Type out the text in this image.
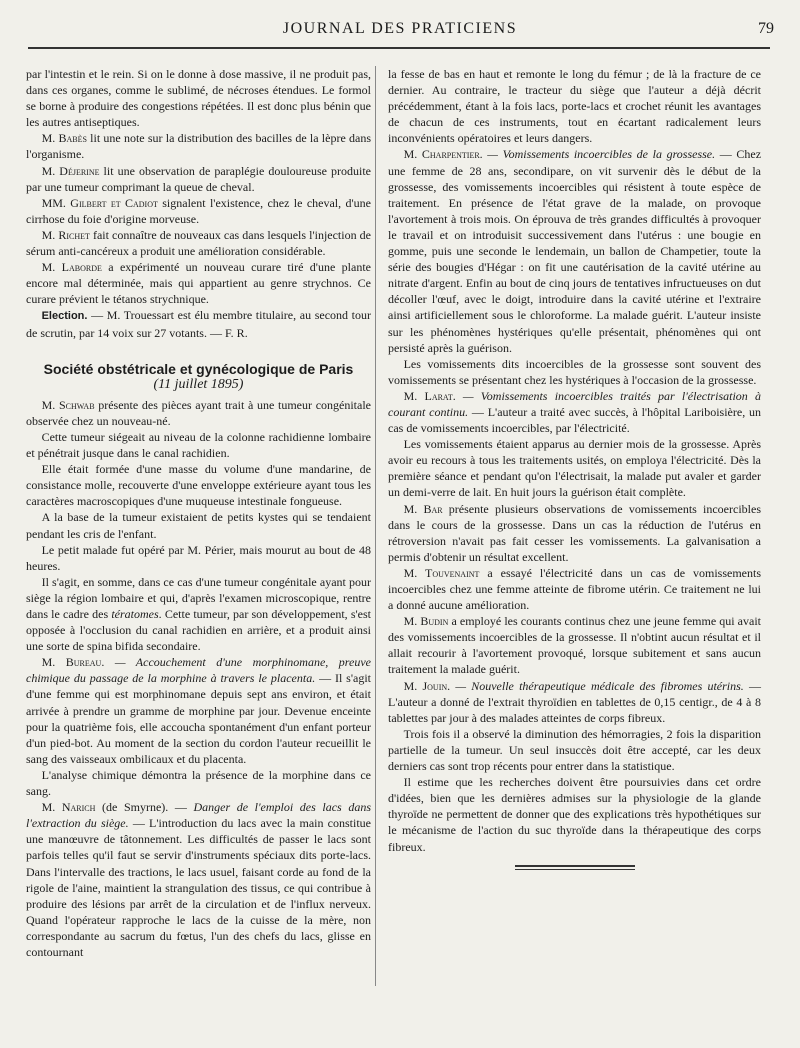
JOURNAL DES PRATICIENS	79

par l'intestin et le rein. Si on le donne à dose massive, il ne produit pas, dans ces organes, comme le sublimé, de nécroses étendues. Le formol se borne à produire des congestions répétées. Il est donc plus bénin que les autres antiseptiques.

M. Babès lit une note sur la distribution des bacilles de la lèpre dans l'organisme.

M. Déjerine lit une observation de paraplégie douloureuse produite par une tumeur comprimant la queue de cheval.

MM. Gilbert et Cadiot signalent l'existence, chez le cheval, d'une cirrhose du foie d'origine morveuse.

M. Richet fait connaître de nouveaux cas dans lesquels l'injection de sérum anti-cancéreux a produit une amélioration considérable.

M. Laborde a expérimenté un nouveau curare tiré d'une plante encore mal déterminée, mais qui appartient au genre strychnos. Ce curare prévient le tétanos strychnique.

Election. — M. Trouessart est élu membre titulaire, au second tour de scrutin, par 14 voix sur 27 votants. — F. R.

Société obstétricale et gynécologique de Paris

(11 juillet 1895)

M. Schwab présente des pièces ayant trait à une tumeur congénitale observée chez un nouveau-né.

Cette tumeur siégeait au niveau de la colonne rachidienne lombaire et pénétrait jusque dans le canal rachidien.

Elle était formée d'une masse du volume d'une mandarine, de consistance molle, recouverte d'une enveloppe extérieure ayant tous les caractères macroscopiques d'une muqueuse intestinale fongueuse.

A la base de la tumeur existaient de petits kystes qui se tendaient pendant les cris de l'enfant.

Le petit malade fut opéré par M. Périer, mais mourut au bout de 48 heures.

Il s'agit, en somme, dans ce cas d'une tumeur congénitale ayant pour siège la région lombaire et qui, d'après l'examen microscopique, rentre dans le cadre des tératomes. Cette tumeur, par son développement, s'est opposée à l'occlusion du canal rachidien en arrière, et a produit ainsi une sorte de spina bifida secondaire.

M. Bureau. — Accouchement d'une morphinomane, preuve chimique du passage de la morphine à travers le placenta. — Il s'agit d'une femme qui est morphinomane depuis sept ans environ, et était arrivée à prendre un gramme de morphine par jour. Devenue enceinte pour la quatrième fois, elle accoucha spontanément d'un enfant porteur d'un pied-bot. Au moment de la section du cordon l'auteur recueillit le sang des vaisseaux ombilicaux et du placenta.

L'analyse chimique démontra la présence de la morphine dans ce sang.

M. Narich (de Smyrne). — Danger de l'emploi des lacs dans l'extraction du siège. — L'introduction du lacs avec la main constitue une manœuvre de tâtonnement. Les difficultés de passer le lacs sont parfois telles qu'il faut se servir d'instruments spéciaux dits porte-lacs. Dans l'intervalle des tractions, le lacs usuel, faisant corde au fond de la rigole de l'aine, maintient la strangulation des tissus, ce qui contribue à produire des lésions par arrêt de la circulation et de l'influx nerveux. Quand l'opérateur rapproche le lacs de la cuisse de la mère, non correspondante au sacrum du fœtus, l'un des chefs du lacs, glisse en contournant

la fesse de bas en haut et remonte le long du fémur ; de là la fracture de ce dernier. Au contraire, le tracteur du siège que l'auteur a déjà décrit précédemment, étant à la fois lacs, porte-lacs et crochet réunit les avantages de chacun de ces instruments, tout en écartant radicalement leurs inconvénients opératoires et leurs dangers.

M. Charpentier. — Vomissements incoercibles de la grossesse. — Chez une femme de 28 ans, secondipare, on vit survenir dès le début de la grossesse, des vomissements incoercibles qui résistent à toute espèce de traitement. En présence de l'état grave de la malade, on provoque l'avortement à trois mois. On éprouva de très grandes difficultés à provoquer le travail et on introduisit successivement dans l'utérus : une bougie en gomme, puis une seconde le lendemain, un ballon de Champetier, toute la série des bougies d'Hégar : on fit une cautérisation de la cavité utérine au nitrate d'argent. Enfin au bout de cinq jours de tentatives infructueuses on dut décoller l'œuf, avec le doigt, introduire dans la cavité utérine et l'extraire ainsi artificiellement sous le chloroforme. La malade guérit. L'auteur insiste sur les phénomènes hystériques qu'elle présentait, phénomènes qui ont persisté après la guérison.

Les vomissements dits incoercibles de la grossesse sont souvent des vomissements se présentant chez les hystériques à l'occasion de la grossesse.

M. Larat. — Vomissements incoercibles traités par l'électrisation à courant continu. — L'auteur a traité avec succès, à l'hôpital Lariboisière, un cas de vomissements incoercibles, par l'électricité.

Les vomissements étaient apparus au dernier mois de la grossesse. Après avoir eu recours à tous les traitements usités, on employa l'électricité. Dès la première séance et pendant qu'on l'électrisait, la malade put avaler et garder un demi-verre de lait. En huit jours la guérison était complète.

M. Bar présente plusieurs observations de vomissements incoercibles dans le cours de la grossesse. Dans un cas la réduction de l'utérus en rétroversion n'avait pas fait cesser les vomissements. La galvanisation a permis d'obtenir un résultat excellent.

M. Touvenaint a essayé l'électricité dans un cas de vomissements incoercibles chez une femme atteinte de fibrome utérin. Ce traitement ne lui a donné aucune amélioration.

M. Budin a employé les courants continus chez une jeune femme qui avait des vomissements incoercibles de la grossesse. Il n'obtint aucun résultat et il allait recourir à l'avortement provoqué, lorsque subitement et sans aucun traitement la malade guérit.

M. Jouin. — Nouvelle thérapeutique médicale des fibromes utérins. — L'auteur a donné de l'extrait thyroïdien en tablettes de 0,15 centigr., de 4 à 8 tablettes par jour à des malades atteintes de corps fibreux.

Trois fois il a observé la diminution des hémorragies, 2 fois la disparition partielle de la tumeur. Un seul insuccès doit être accepté, car les deux derniers cas sont trop récents pour entrer dans la statistique.

Il estime que les recherches doivent être poursuivies dans cet ordre d'idées, bien que les dernières admises sur la physiologie de la glande thyroïde ne permettent de donner que des explications très hypothétiques sur le mécanisme de l'action du suc thyroïde dans la thérapeutique des corps fibreux.
